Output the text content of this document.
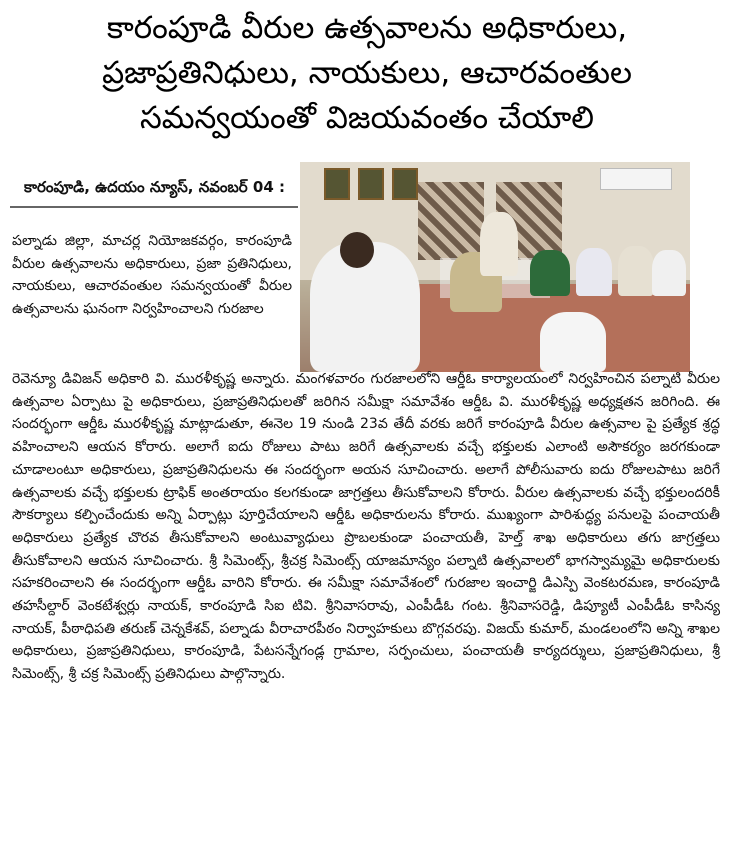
కారంపూడి వీరుల ఉత్సవాలను అధికారులు,
ప్రజాప్రతినిధులు, నాయకులు, ఆచారవంతుల
సమన్వయంతో విజయవంతం చేయాలి
కారంపూడి, ఉదయం న్యూస్, నవంబర్ 04 :

పల్నాడు జిల్లా, మాచర్ల నియోజకవర్గం, కారంపూడి వీరుల ఉత్సవాలను అధికారులు, ప్రజా ప్రతినిధులు, నాయకులు, ఆచారవంతుల సమన్వయంతో వీరుల ఉత్సవాలను ఘనంగా నిర్వహించాలని గురజాల

రెవెన్యూ డివిజన్ అధికారి వి. మురళీకృష్ణ అన్నారు. మంగళవారం గురజాలలోని ఆర్డీఓ కార్యాలయంలో నిర్వహించిన పల్నాటి వీరుల ఉత్సవాల ఏర్పాటు పై అధికారులు, ప్రజాప్రతినిధులతో జరిగిన సమీక్షా సమావేశం ఆర్డీఓ వి. మురళీకృష్ణ అధ్యక్షతన జరిగింది. ఈ సందర్భంగా ఆర్డీఓ మురళీకృష్ణ మాట్లాడుతూ, ఈనెల 19 నుండి 23వ తేదీ వరకు జరిగే కారంపూడి వీరుల ఉత్సవాల పై ప్రత్యేక శ్రద్ధ వహించాలని ఆయన కోరారు. అలాగే ఐదు రోజులు పాటు జరిగే ఉత్సవాలకు వచ్చే భక్తులకు ఎలాంటి అసౌకర్యం జరగకుండా చూడాలంటూ అధికారులు, ప్రజాప్రతినిధులను ఈ సందర్భంగా అయన సూచించారు. అలాగే పోలీసువారు ఐదు రోజులపాటు జరిగే ఉత్సవాలకు వచ్చే భక్తులకు ట్రాఫిక్ అంతరాయం కలగకుండా జాగ్రత్తలు తీసుకోవాలని కోరారు. వీరుల ఉత్సవాలకు వచ్చే భక్తులందరికీ సౌకర్యాలు కల్పించేందుకు అన్ని ఏర్పాట్లు పూర్తిచేయాలని ఆర్డీఓ అధికారులను కోరారు. ముఖ్యంగా పారిశుద్ధ్య పనులపై పంచాయతీ అధికారులు ప్రత్యేక చొరవ తీసుకోవాలని అంటువ్యాధులు ప్రొబలకుండా పంచాయతీ, హెల్త్ శాఖ అధికారులు తగు జాగ్రత్తలు తీసుకోవాలని ఆయన సూచించారు. శ్రీ సిమెంట్స్, శ్రీచక్ర సిమెంట్స్ యాజమాన్యం పల్నాటి ఉత్సవాలలో భాగస్వామ్యమై అధికారులకు సహకరించాలని ఈ సందర్భంగా ఆర్డీఓ వారిని కోరారు. ఈ సమీక్షా సమావేశంలో గురజాల ఇంచార్జి డిఎస్పి వెంకటరమణ, కారంపూడి తహసీల్దార్ వెంకటేశ్వర్లు నాయక్, కారంపూడి సిఐ టివి. శ్రీనివాసరావు, ఎంపీడీఓ గంట. శ్రీనివాసరెడ్డి, డిప్యూటీ ఎంపీడీఓ కాసిన్య నాయక్, పీఠాధిపతి తరుణ్ చెన్నకేశవ్, పల్నాడు వీరాచారపీఠం నిర్వాహకులు బొగ్గవరపు. విజయ్ కుమార్, మండలంలోని అన్ని శాఖల అధికారులు, ప్రజాప్రతినిధులు, కారంపూడి, పేటసన్నేగండ్ల గ్రామాల, సర్పంచులు, పంచాయతీ కార్యదర్శులు, ప్రజాప్రతినిధులు, శ్రీ సిమెంట్స్, శ్రీ చక్ర సిమెంట్స్ ప్రతినిధులు పాల్గొన్నారు.
